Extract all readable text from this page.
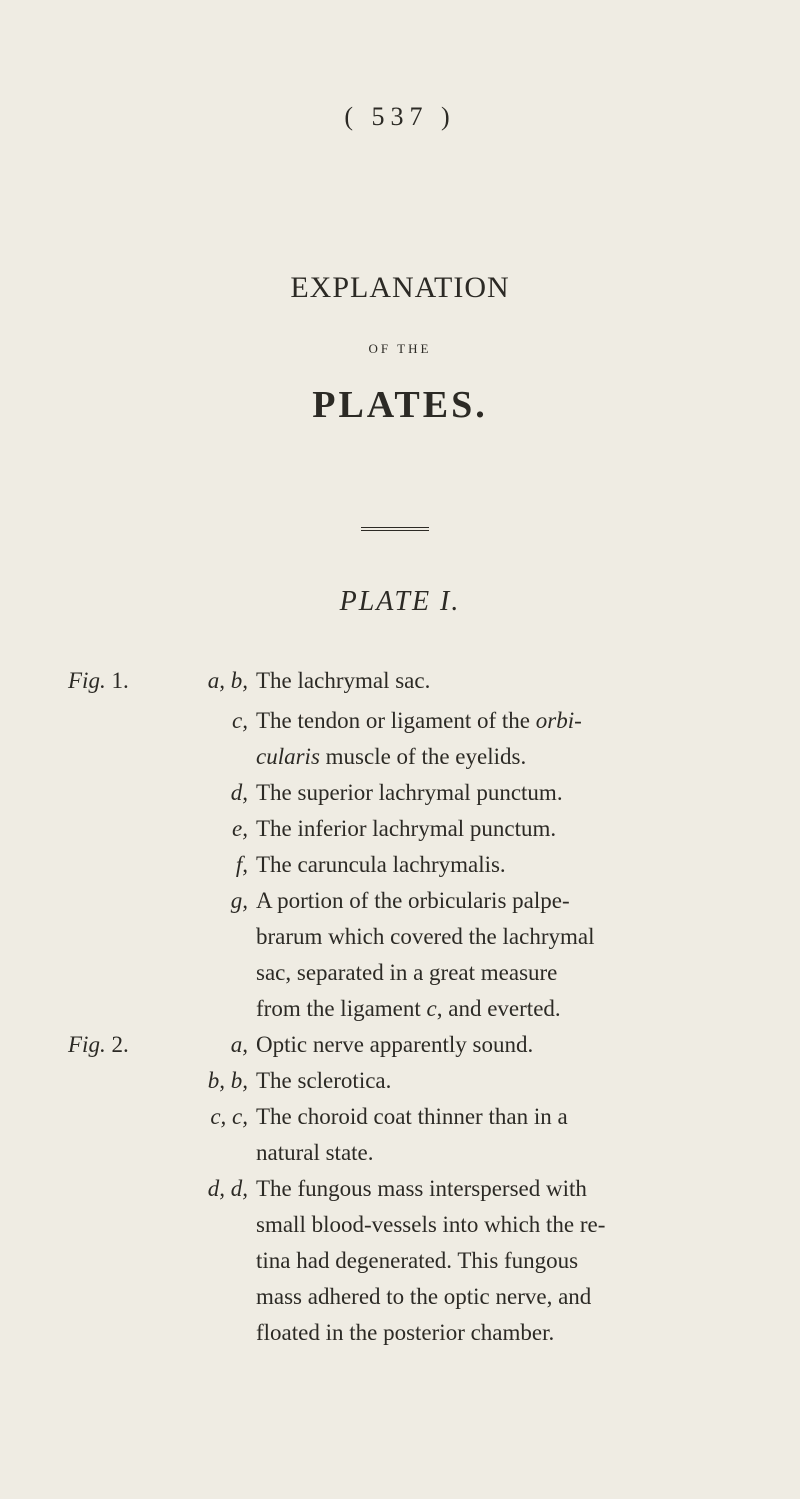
( 537 )
EXPLANATION
OF THE
PLATES.
PLATE I.
Fig. 1.	a, b, The lachrymal sac.
c, The tendon or ligament of the orbi-
cularis muscle of the eyelids.
d, The superior lachrymal punctum.
e, The inferior lachrymal punctum.
f, The caruncula lachrymalis.
g, A portion of the orbicularis palpe-
brarum which covered the lachrymal
sac, separated in a great measure
from the ligament c, and everted.
Fig. 2.	a, Optic nerve apparently sound.
b, b, The sclerotica.
c, c, The choroid coat thinner than in a
natural state.
d, d, The fungous mass interspersed with
small blood-vessels into which the re-
tina had degenerated. This fungous
mass adhered to the optic nerve, and
floated in the posterior chamber.
